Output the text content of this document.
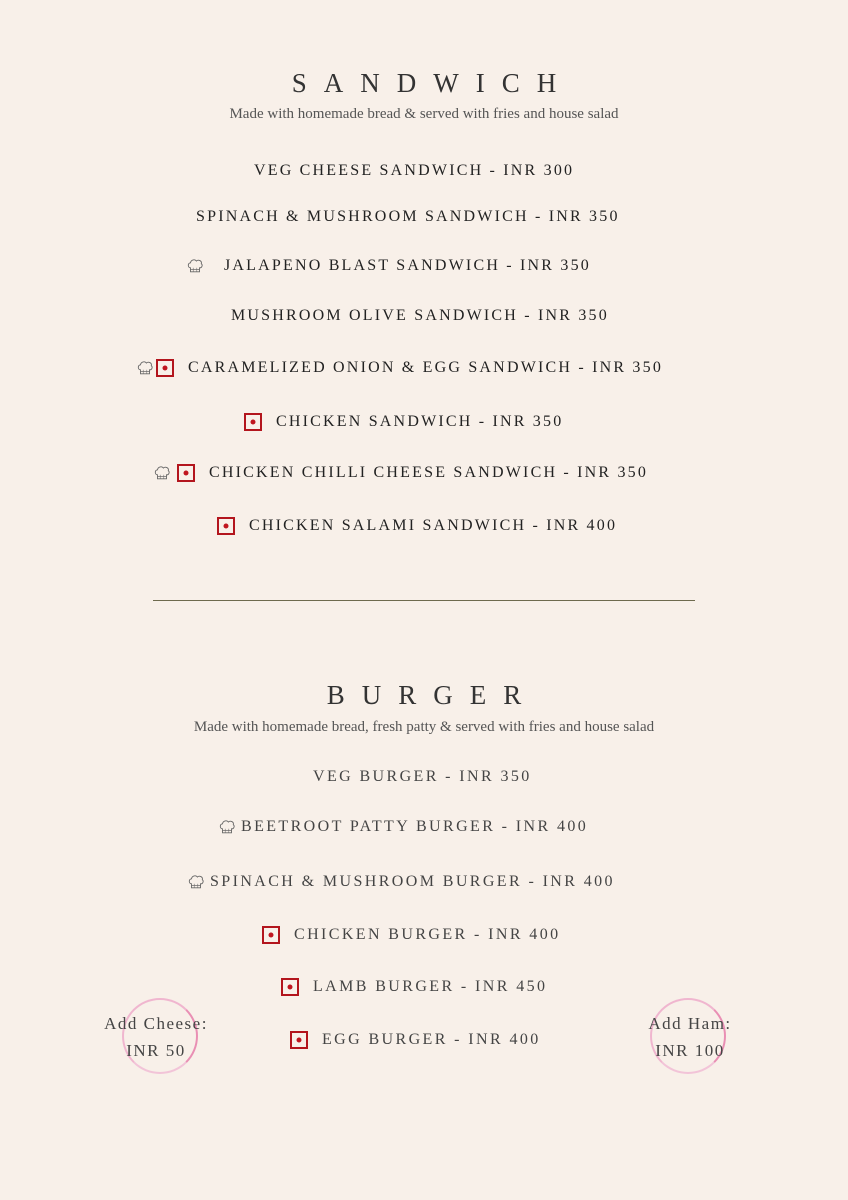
SANDWICH
Made with homemade bread & served with fries and house salad
VEG CHEESE SANDWICH - INR 300
SPINACH & MUSHROOM SANDWICH - INR 350
JALAPENO BLAST SANDWICH - INR 350
MUSHROOM OLIVE SANDWICH - INR 350
CARAMELIZED ONION & EGG SANDWICH - INR 350
CHICKEN SANDWICH - INR 350
CHICKEN CHILLI CHEESE SANDWICH - INR 350
CHICKEN SALAMI SANDWICH - INR 400
BURGER
Made with homemade bread, fresh patty & served with fries and house salad
VEG BURGER - INR 350
BEETROOT PATTY BURGER - INR 400
SPINACH & MUSHROOM BURGER - INR 400
CHICKEN BURGER - INR 400
LAMB BURGER - INR 450
EGG BURGER - INR 400
Add Cheese:
INR 50
Add Ham:
INR 100
